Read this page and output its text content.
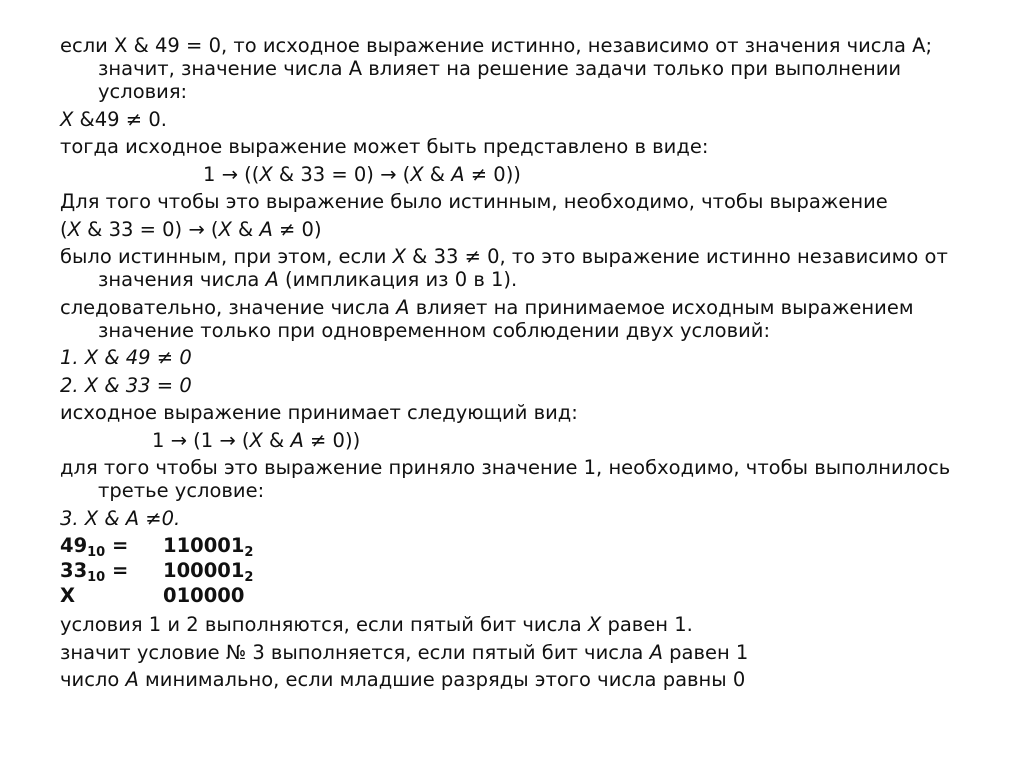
если X & 49 = 0, то исходное выражение истинно, независимо от значения числа А; значит, значение числа А влияет на решение задачи только при выполнении условия:

X &49 ≠ 0.

тогда исходное выражение может быть представлено в виде:

1 → ((X & 33 = 0) → (X & A ≠ 0))

Для того чтобы это выражение было истинным, необходимо, чтобы выражение

(X & 33 = 0) → (X & A ≠ 0)

было истинным, при этом, если X & 33 ≠ 0, то это выражение истинно независимо от значения числа A (импликация из 0 в 1).

следовательно, значение числа A влияет на принимаемое исходным выражением значение только при одновременном соблюдении двух условий:

1. X & 49 ≠ 0

2. X & 33 = 0

исходное выражение принимает следующий вид:

1 → (1 → (X & A ≠ 0))

для того чтобы это выражение приняло значение 1, необходимо, чтобы выполнилось третье условие:

3. X & A ≠0.

$49_{10}$ =	$110001_2$
$33_{10}$ =	$100001_2$
X	010000

условия 1 и 2 выполняются, если пятый бит числа X равен 1.

значит условие № 3 выполняется, если пятый бит числа A равен 1

число A минимально, если младшие разряды этого числа равны 0
